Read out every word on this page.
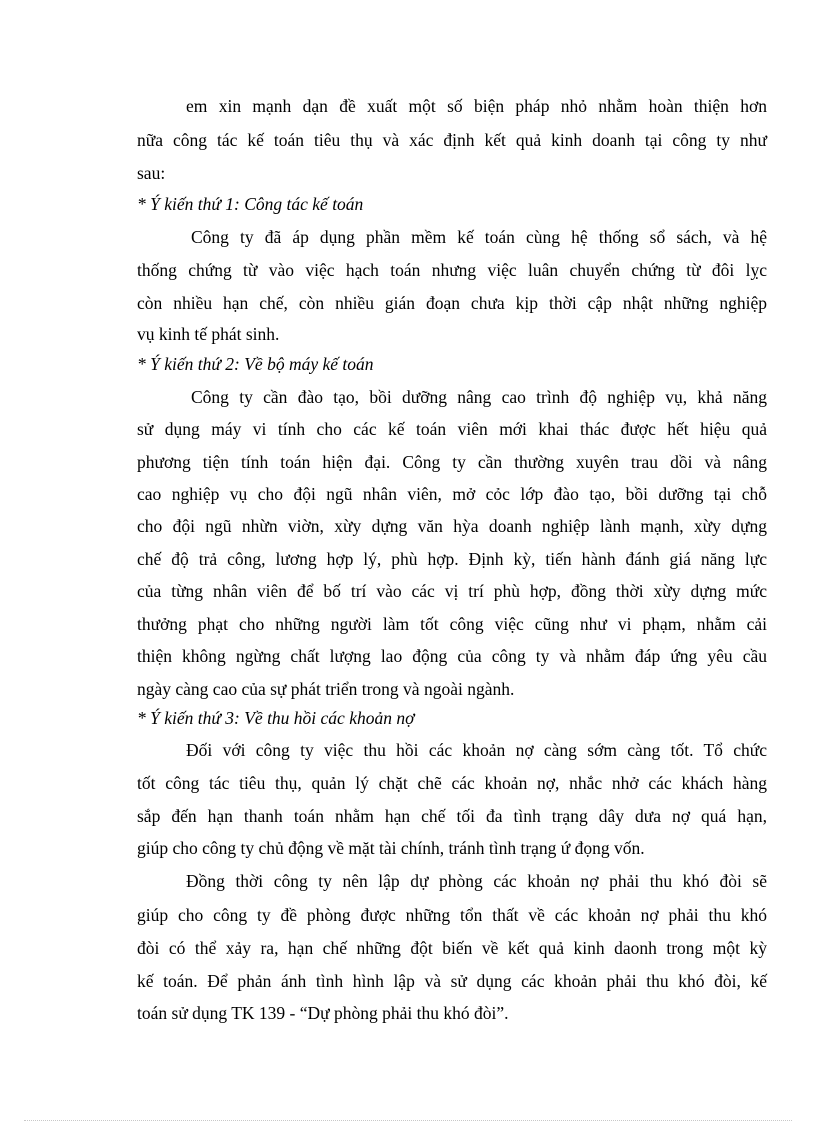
em xin mạnh dạn đề xuất một số biện pháp nhỏ nhằm hoàn thiện hơn
nữa công tác kế toán tiêu thụ và xác định kết quả kinh doanh tại công ty như
sau:
* Ý kiến thứ 1: Công tác kế toán
Công ty đã áp dụng phần mềm kế toán cùng hệ thống sổ sách, và hệ
thống chứng từ vào việc hạch toán nhưng việc luân chuyển chứng từ đôi lỵc
còn nhiều hạn chế, còn nhiều gián đoạn chưa kịp thời cập nhật những nghiệp
vụ kinh tế phát sinh.
* Ý kiến thứ 2: Về bộ máy kế toán
Công ty cần đào tạo, bồi dưỡng nâng cao trình độ nghiệp vụ, khả năng
sử dụng máy vi tính cho các kế toán viên mới khai thác được hết hiệu quả
phương tiện tính toán hiện đại. Công ty cần thường xuyên trau dồi và nâng
cao nghiệp vụ cho đội ngũ nhân viên, mở cỏc lớp đào tạo, bồi dưỡng tại chỗ
cho đội ngũ nhừn viờn, xừy dựng văn hỳa doanh nghiệp lành mạnh, xừy dựng
chế độ trả công, lương hợp lý, phù hợp. Định kỳ, tiến hành đánh giá năng lực
của từng nhân viên để bố trí vào các vị trí phù hợp, đồng thời xừy dựng mức
thưởng phạt cho những người làm tốt công việc cũng như vi phạm, nhằm cải
thiện không ngừng chất lượng lao động của công ty và nhằm đáp ứng yêu cầu
ngày càng cao của sự phát triển trong và ngoài ngành.
* Ý kiến thứ 3: Về thu hồi các khoản nợ
Đối với công ty việc thu hồi các khoản nợ càng sớm càng tốt. Tổ chức
tốt công tác tiêu thụ, quản lý chặt chẽ các khoản nợ, nhắc nhở các khách hàng
sắp đến hạn thanh toán nhằm hạn chế tối đa tình trạng dây dưa nợ quá hạn,
giúp cho công ty chủ động về mặt tài chính, tránh tình trạng ứ đọng vốn.
Đồng thời công ty nên lập dự phòng các khoản nợ phải thu khó đòi sẽ
giúp cho công ty đề phòng được những tổn thất về các khoản nợ phải thu khó
đòi có thể xảy ra, hạn chế những đột biến về kết quả kinh daonh trong một kỳ
kế toán. Để phản ánh tình hình lập và sử dụng các khoản phải thu khó đòi, kế
toán sử dụng TK 139 - “Dự phòng phải thu khó đòi”.
